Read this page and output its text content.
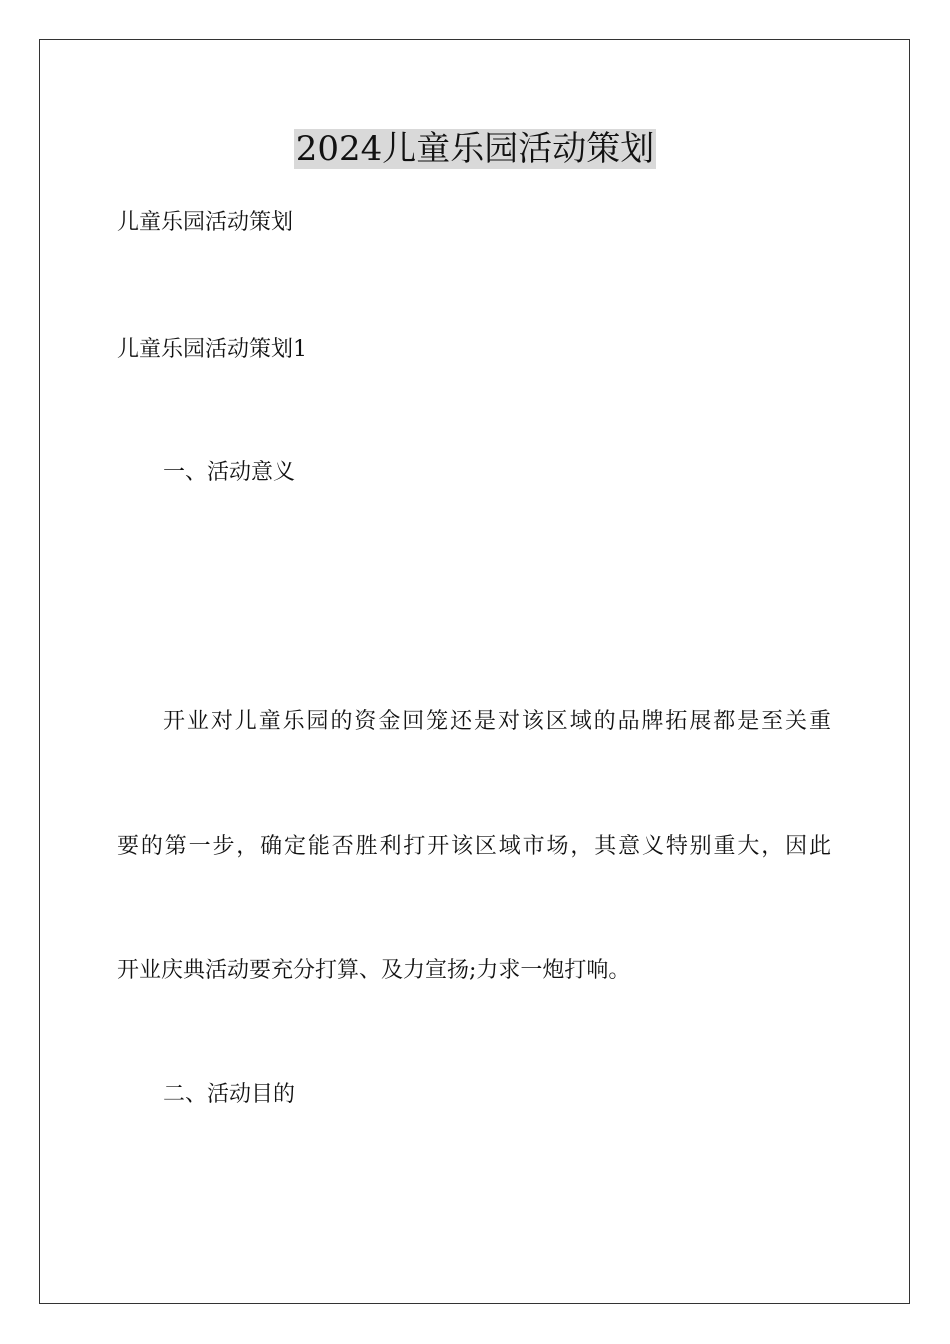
2024儿童乐园活动策划

儿童乐园活动策划

儿童乐园活动策划1

一、活动意义

开业对儿童乐园的资金回笼还是对该区域的品牌拓展都是至关重

要的第一步，确定能否胜利打开该区域市场，其意义特别重大，因此

开业庆典活动要充分打算、及力宣扬;力求一炮打响。

二、活动目的
